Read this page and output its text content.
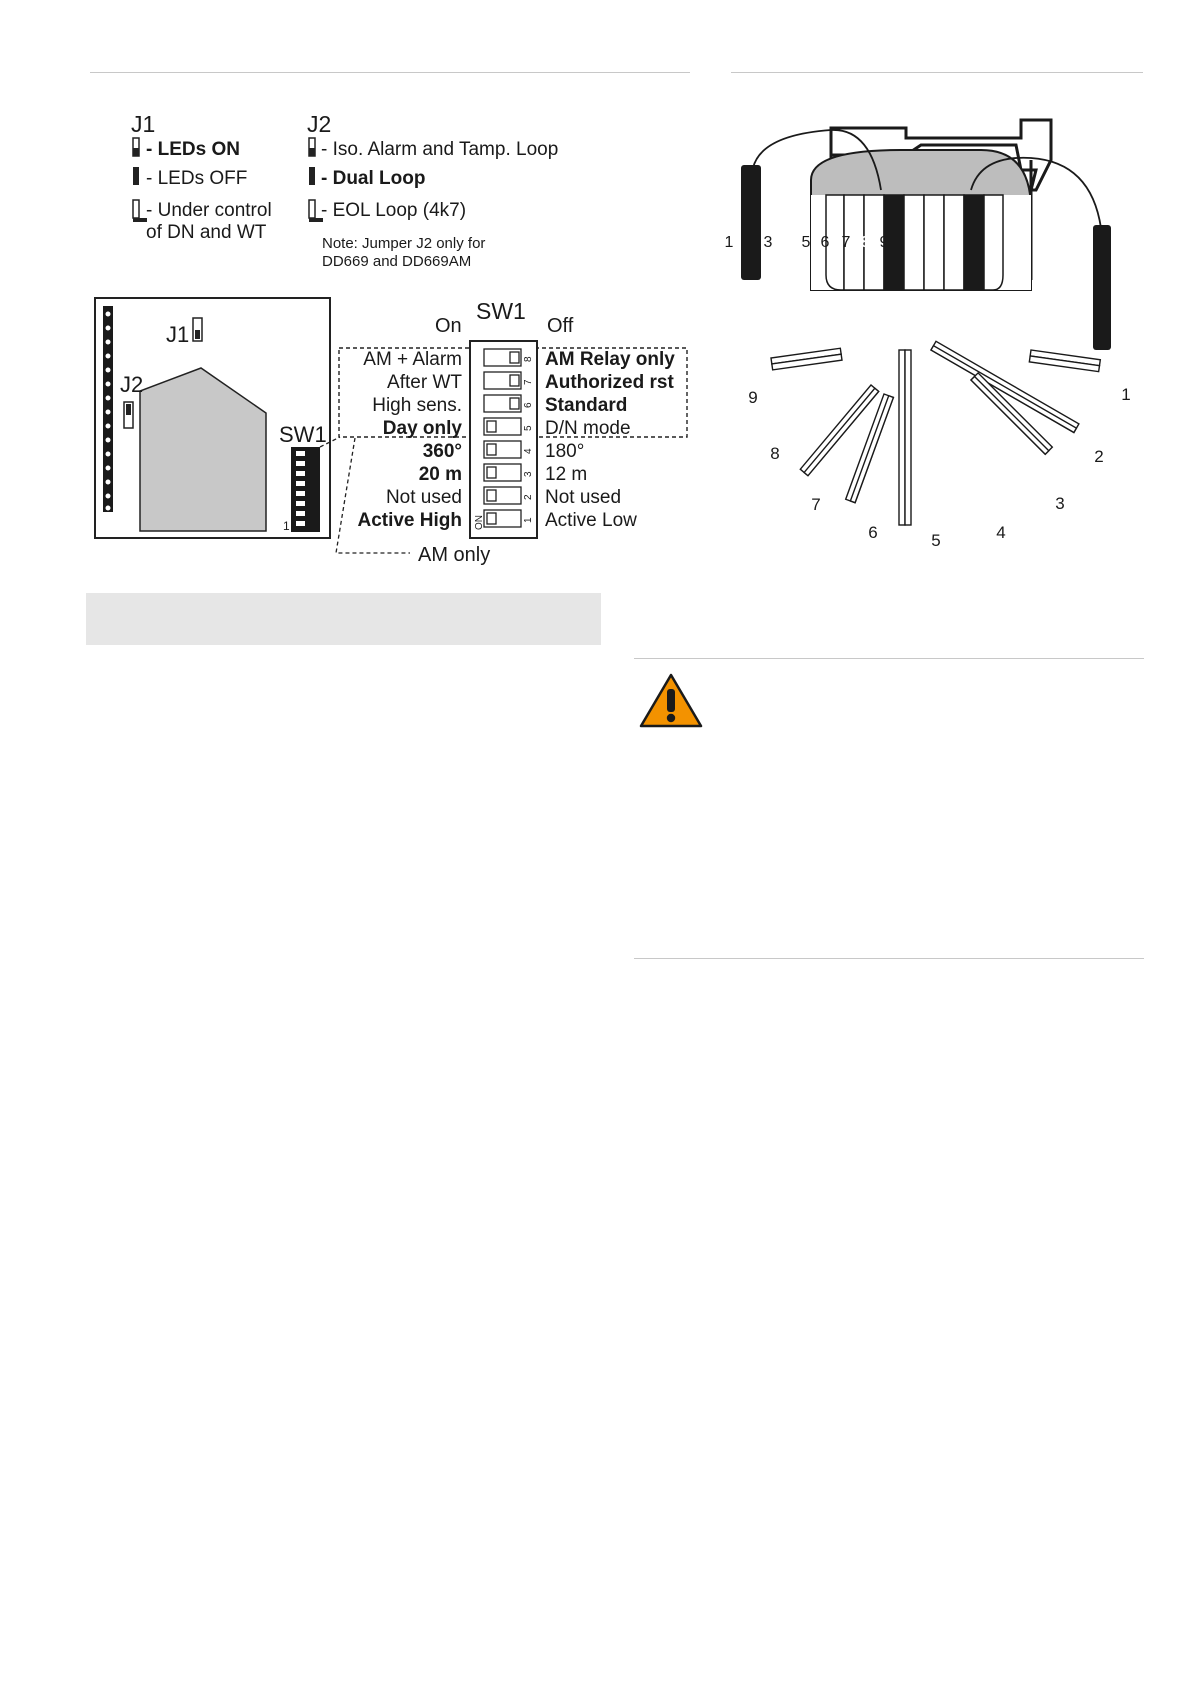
J1
- LEDs ON
- LEDs OFF
- Under control
of DN and WT
J2
- Iso. Alarm and Tamp. Loop
- Dual Loop
- EOL Loop (4k7)
Note: Jumper J2 only for
DD669 and DD669AM
J1
J2
SW1
1
On
SW1
Off
8
AM + Alarm	AM Relay only
7
After WT	Authorized rst
6
High sens.	Standard
5
Day only	D/N mode
4
360°	180°
3
20 m	12 m
2
Not used	Not used
1
Active High	Active Low
ON
AM only
1 3 4 5 6 7 8 9
1
2
3
4
5
6
7
8
9
